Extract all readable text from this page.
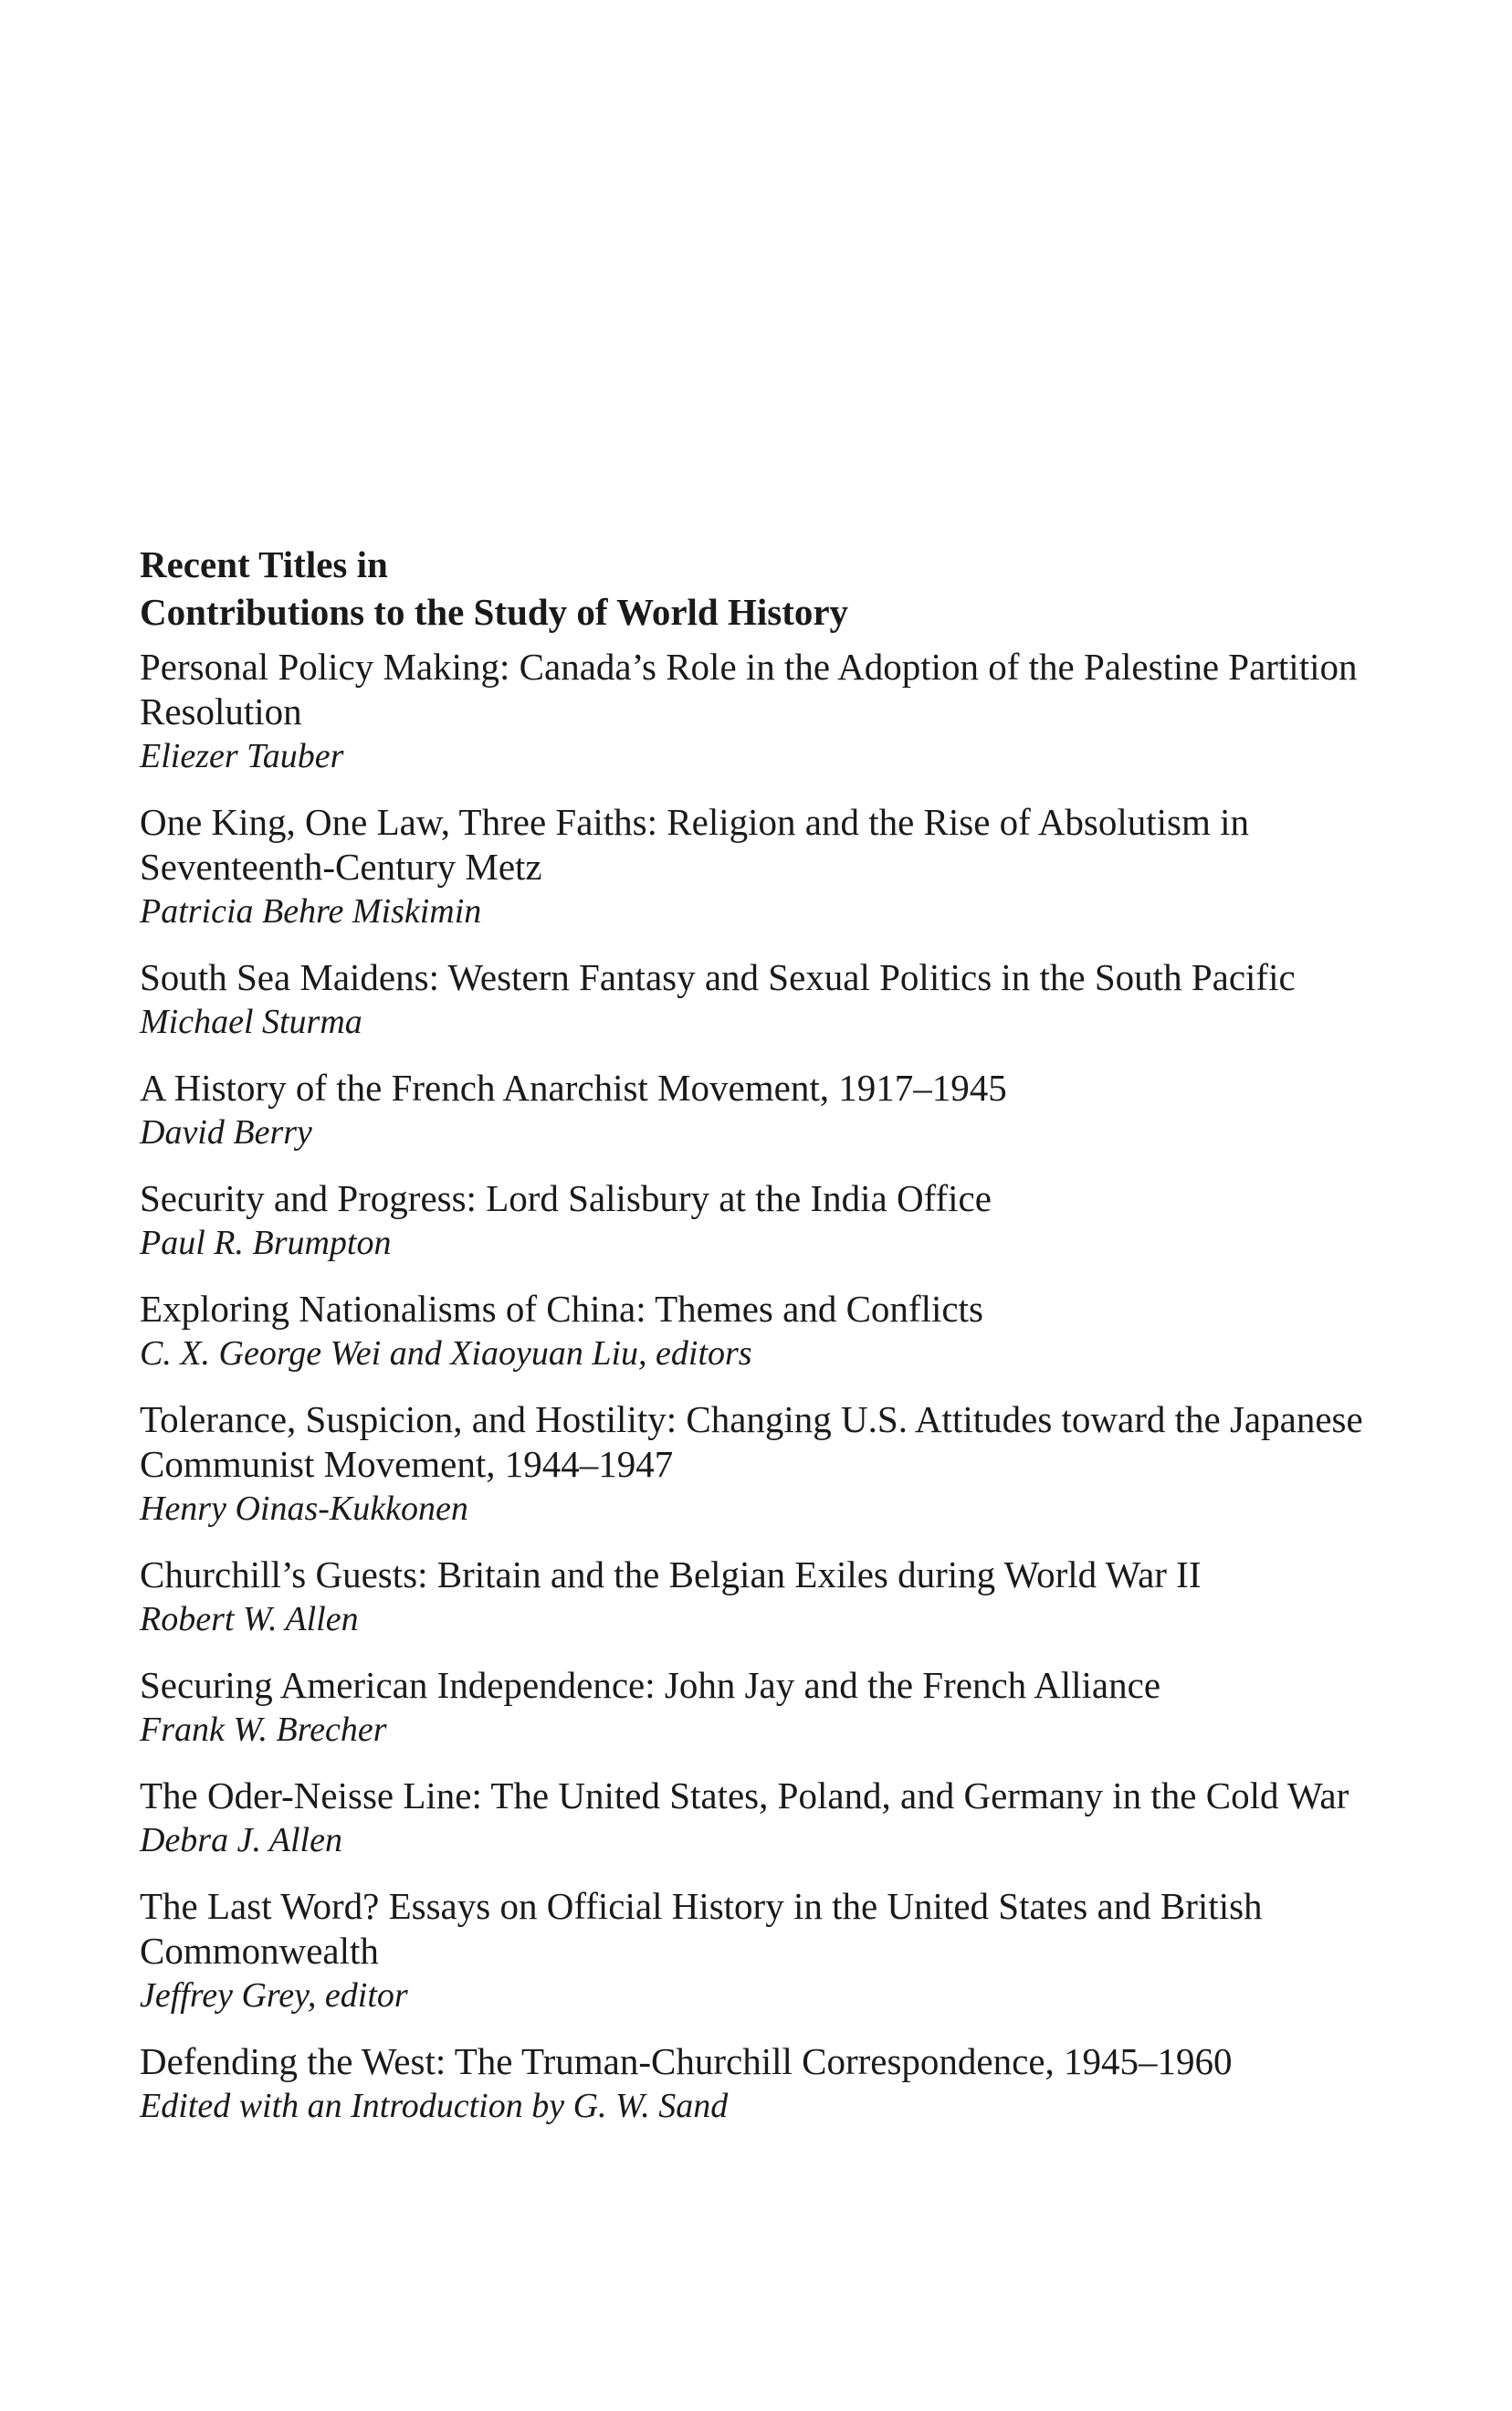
Recent Titles in
Contributions to the Study of World History

Personal Policy Making: Canada’s Role in the Adoption of the Palestine Partition Resolution

Eliezer Tauber

One King, One Law, Three Faiths: Religion and the Rise of Absolutism in Seventeenth-Century Metz

Patricia Behre Miskimin

South Sea Maidens: Western Fantasy and Sexual Politics in the South Pacific

Michael Sturma

A History of the French Anarchist Movement, 1917–1945

David Berry

Security and Progress: Lord Salisbury at the India Office

Paul R. Brumpton

Exploring Nationalisms of China: Themes and Conflicts

C. X. George Wei and Xiaoyuan Liu, editors

Tolerance, Suspicion, and Hostility: Changing U.S. Attitudes toward the Japanese Communist Movement, 1944–1947

Henry Oinas-Kukkonen

Churchill’s Guests: Britain and the Belgian Exiles during World War II

Robert W. Allen

Securing American Independence: John Jay and the French Alliance

Frank W. Brecher

The Oder-Neisse Line: The United States, Poland, and Germany in the Cold War

Debra J. Allen

The Last Word? Essays on Official History in the United States and British Commonwealth

Jeffrey Grey, editor

Defending the West: The Truman-Churchill Correspondence, 1945–1960

Edited with an Introduction by G. W. Sand
